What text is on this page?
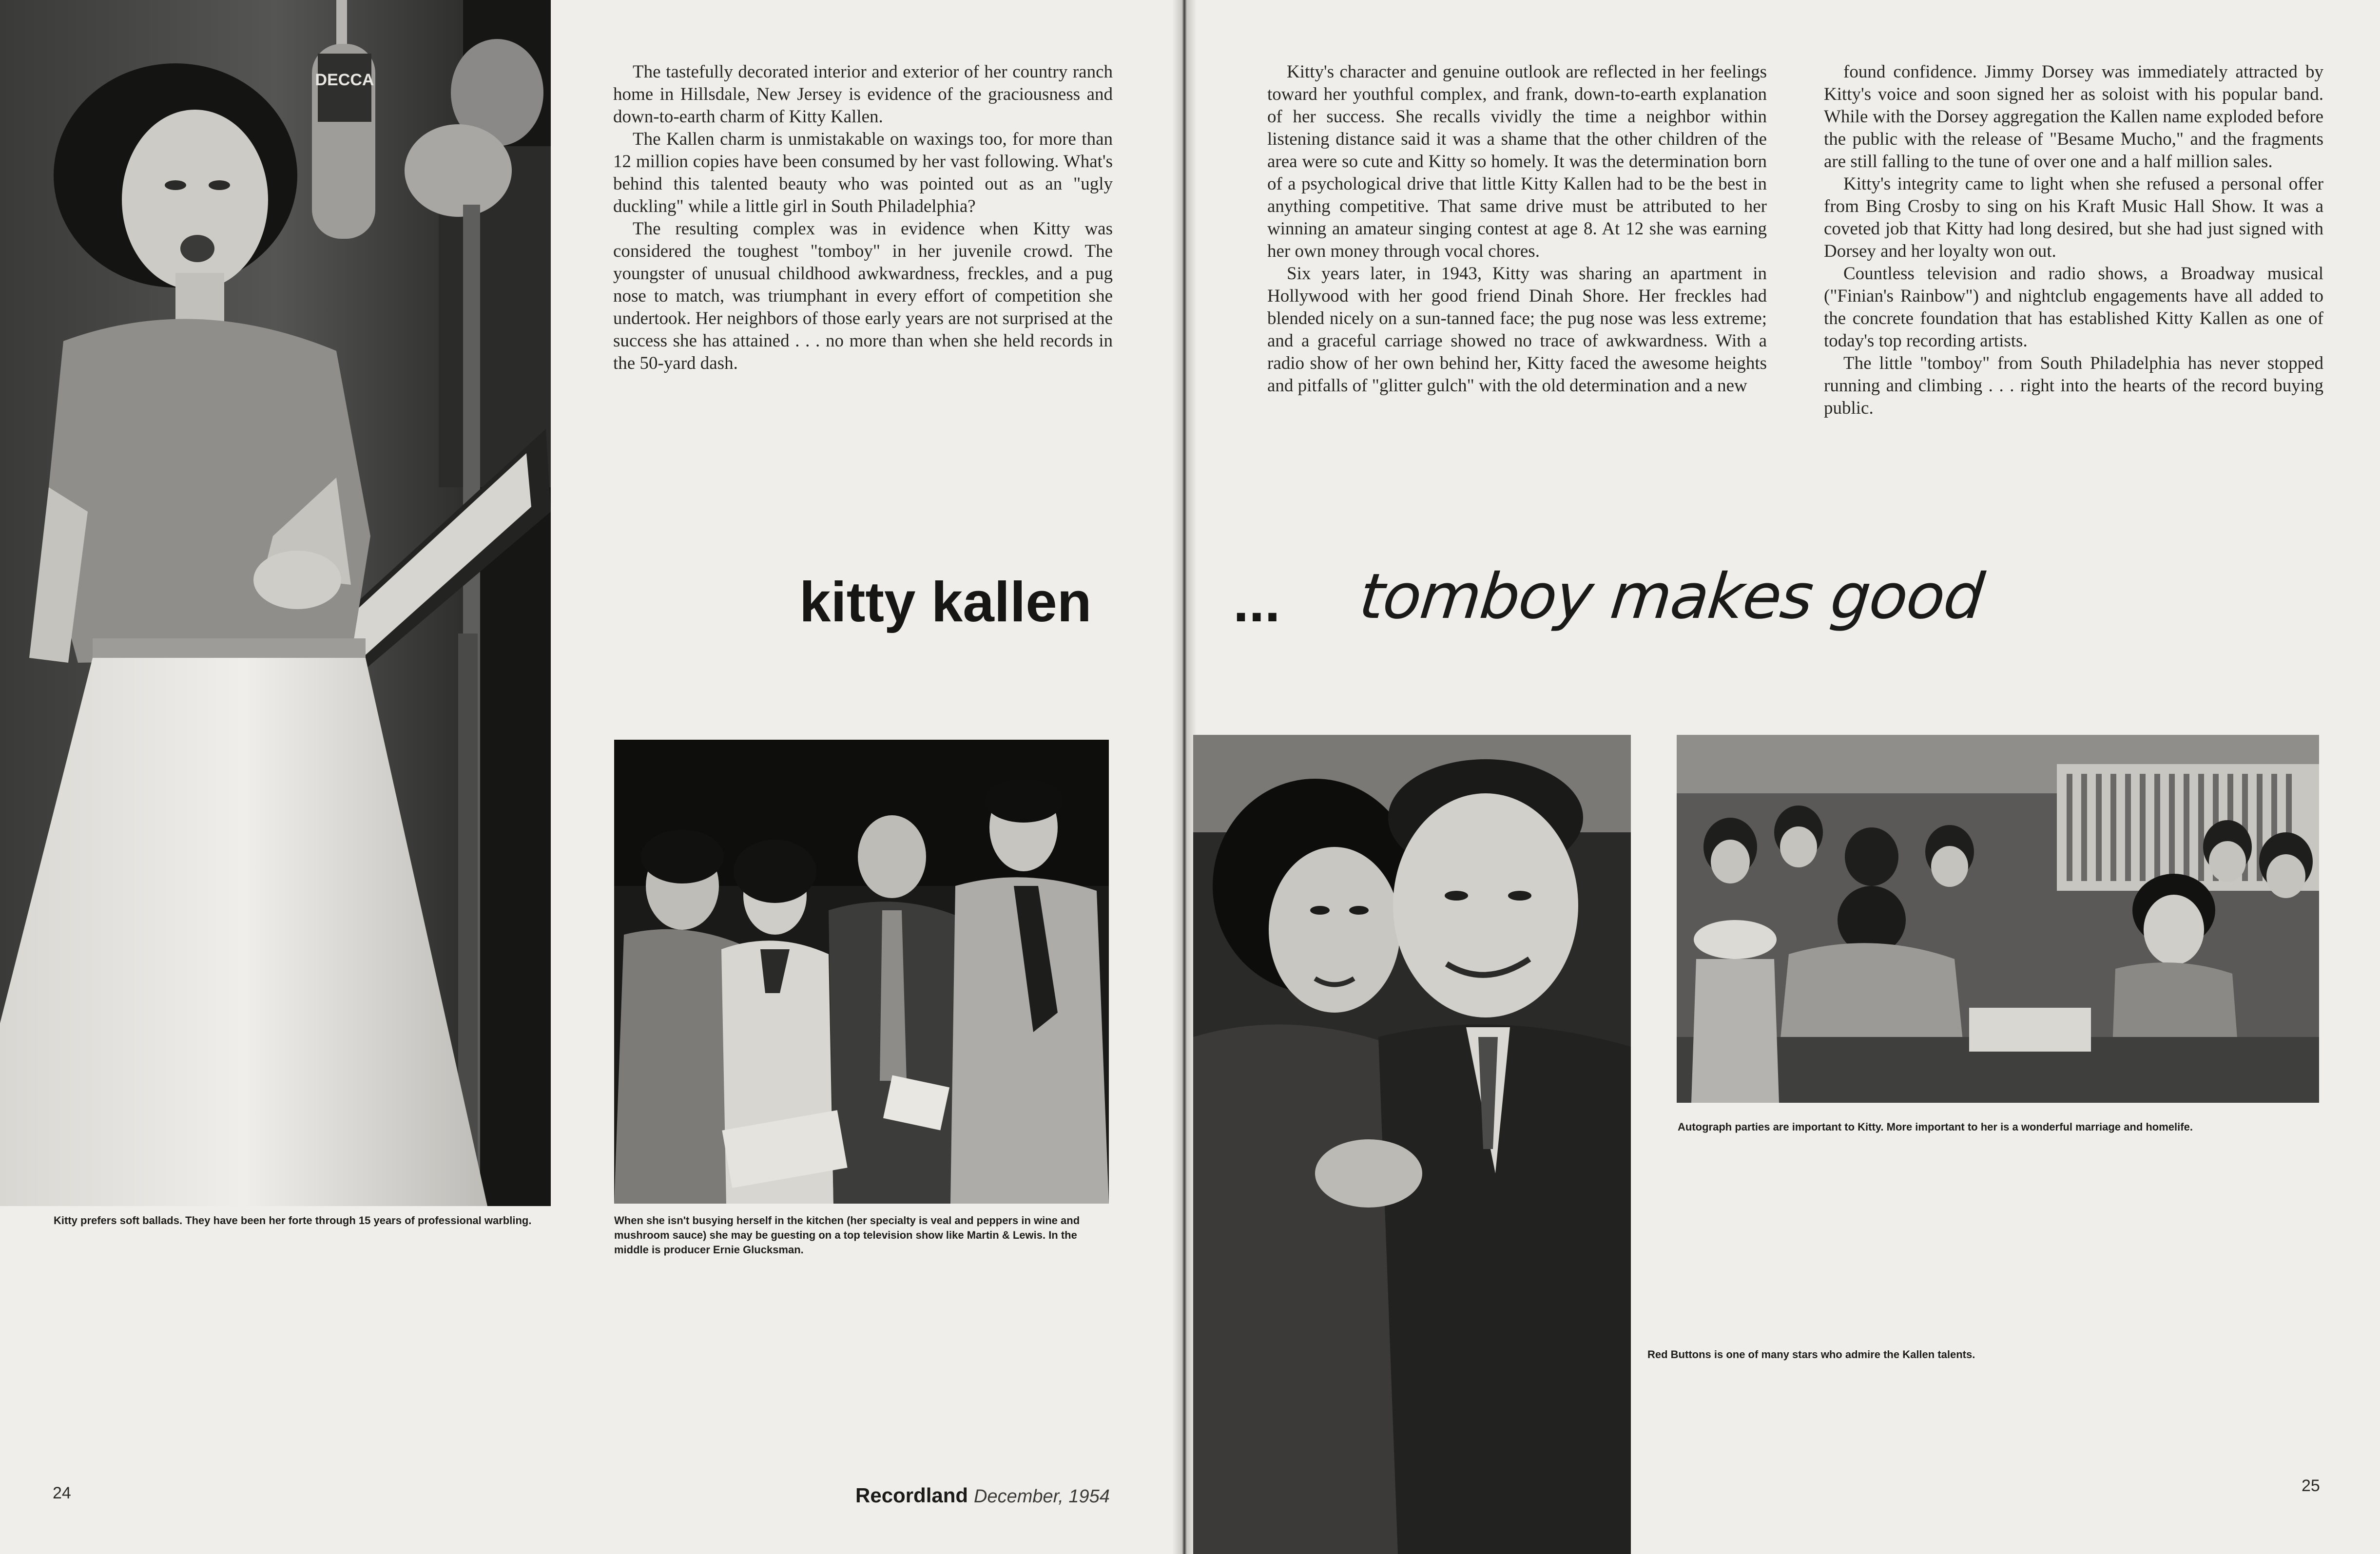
DECCA	The tastefully decorated interior and exterior of her country ranch home in Hillsdale, New Jersey is evidence of the graciousness and down-to-earth charm of Kitty Kallen.

The Kallen charm is unmistakable on waxings too, for more than 12 million copies have been consumed by her vast following. What's behind this talented beauty who was pointed out as an "ugly duckling" while a little girl in South Philadelphia?

The resulting complex was in evidence when Kitty was considered the toughest "tomboy" in her juvenile crowd. The youngster of unusual childhood awkwardness, freckles, and a pug nose to match, was triumphant in every effort of competition she undertook. Her neighbors of those early years are not surprised at the success she has attained . . . no more than when she held records in the 50-yard dash.

Kitty's character and genuine outlook are reflected in her feelings toward her youthful complex, and frank, down-to-earth explanation of her success. She recalls vividly the time a neighbor within listening distance said it was a shame that the other children of the area were so cute and Kitty so homely. It was the determination born of a psychological drive that little Kitty Kallen had to be the best in anything competitive. That same drive must be attributed to her winning an amateur singing contest at age 8. At 12 she was earning her own money through vocal chores.

Six years later, in 1943, Kitty was sharing an apartment in Hollywood with her good friend Dinah Shore. Her freckles had blended nicely on a sun-tanned face; the pug nose was less extreme; and a graceful carriage showed no trace of awkwardness. With a radio show of her own behind her, Kitty faced the awesome heights and pitfalls of "glitter gulch" with the old determination and a new

found confidence. Jimmy Dorsey was immediately attracted by Kitty's voice and soon signed her as soloist with his popular band. While with the Dorsey aggregation the Kallen name exploded before the public with the release of "Besame Mucho," and the fragments are still falling to the tune of over one and a half million sales.

Kitty's integrity came to light when she refused a personal offer from Bing Crosby to sing on his Kraft Music Hall Show. It was a coveted job that Kitty had long desired, but she had just signed with Dorsey and her loyalty won out.

Countless television and radio shows, a Broadway musical ("Finian's Rainbow") and nightclub engagements have all added to the concrete foundation that has established Kitty Kallen as one of today's top recording artists.

The little "tomboy" from South Philadelphia has never stopped running and climbing . . . right into the hearts of the record buying public.

kitty kallen	... tomboy makes good
Kitty prefers soft ballads. They have been her forte through 15 years of professional warbling.	When she isn't busying herself in the kitchen (her specialty is veal and peppers in wine and mushroom sauce) she may be guesting on a top television show like Martin & Lewis. In the middle is producer Ernie Glucksman.
Autograph parties are important to Kitty. More important to her is a wonderful marriage and homelife.
Red Buttons is one of many stars who admire the Kallen talents.
24	25
Recordland December, 1954
